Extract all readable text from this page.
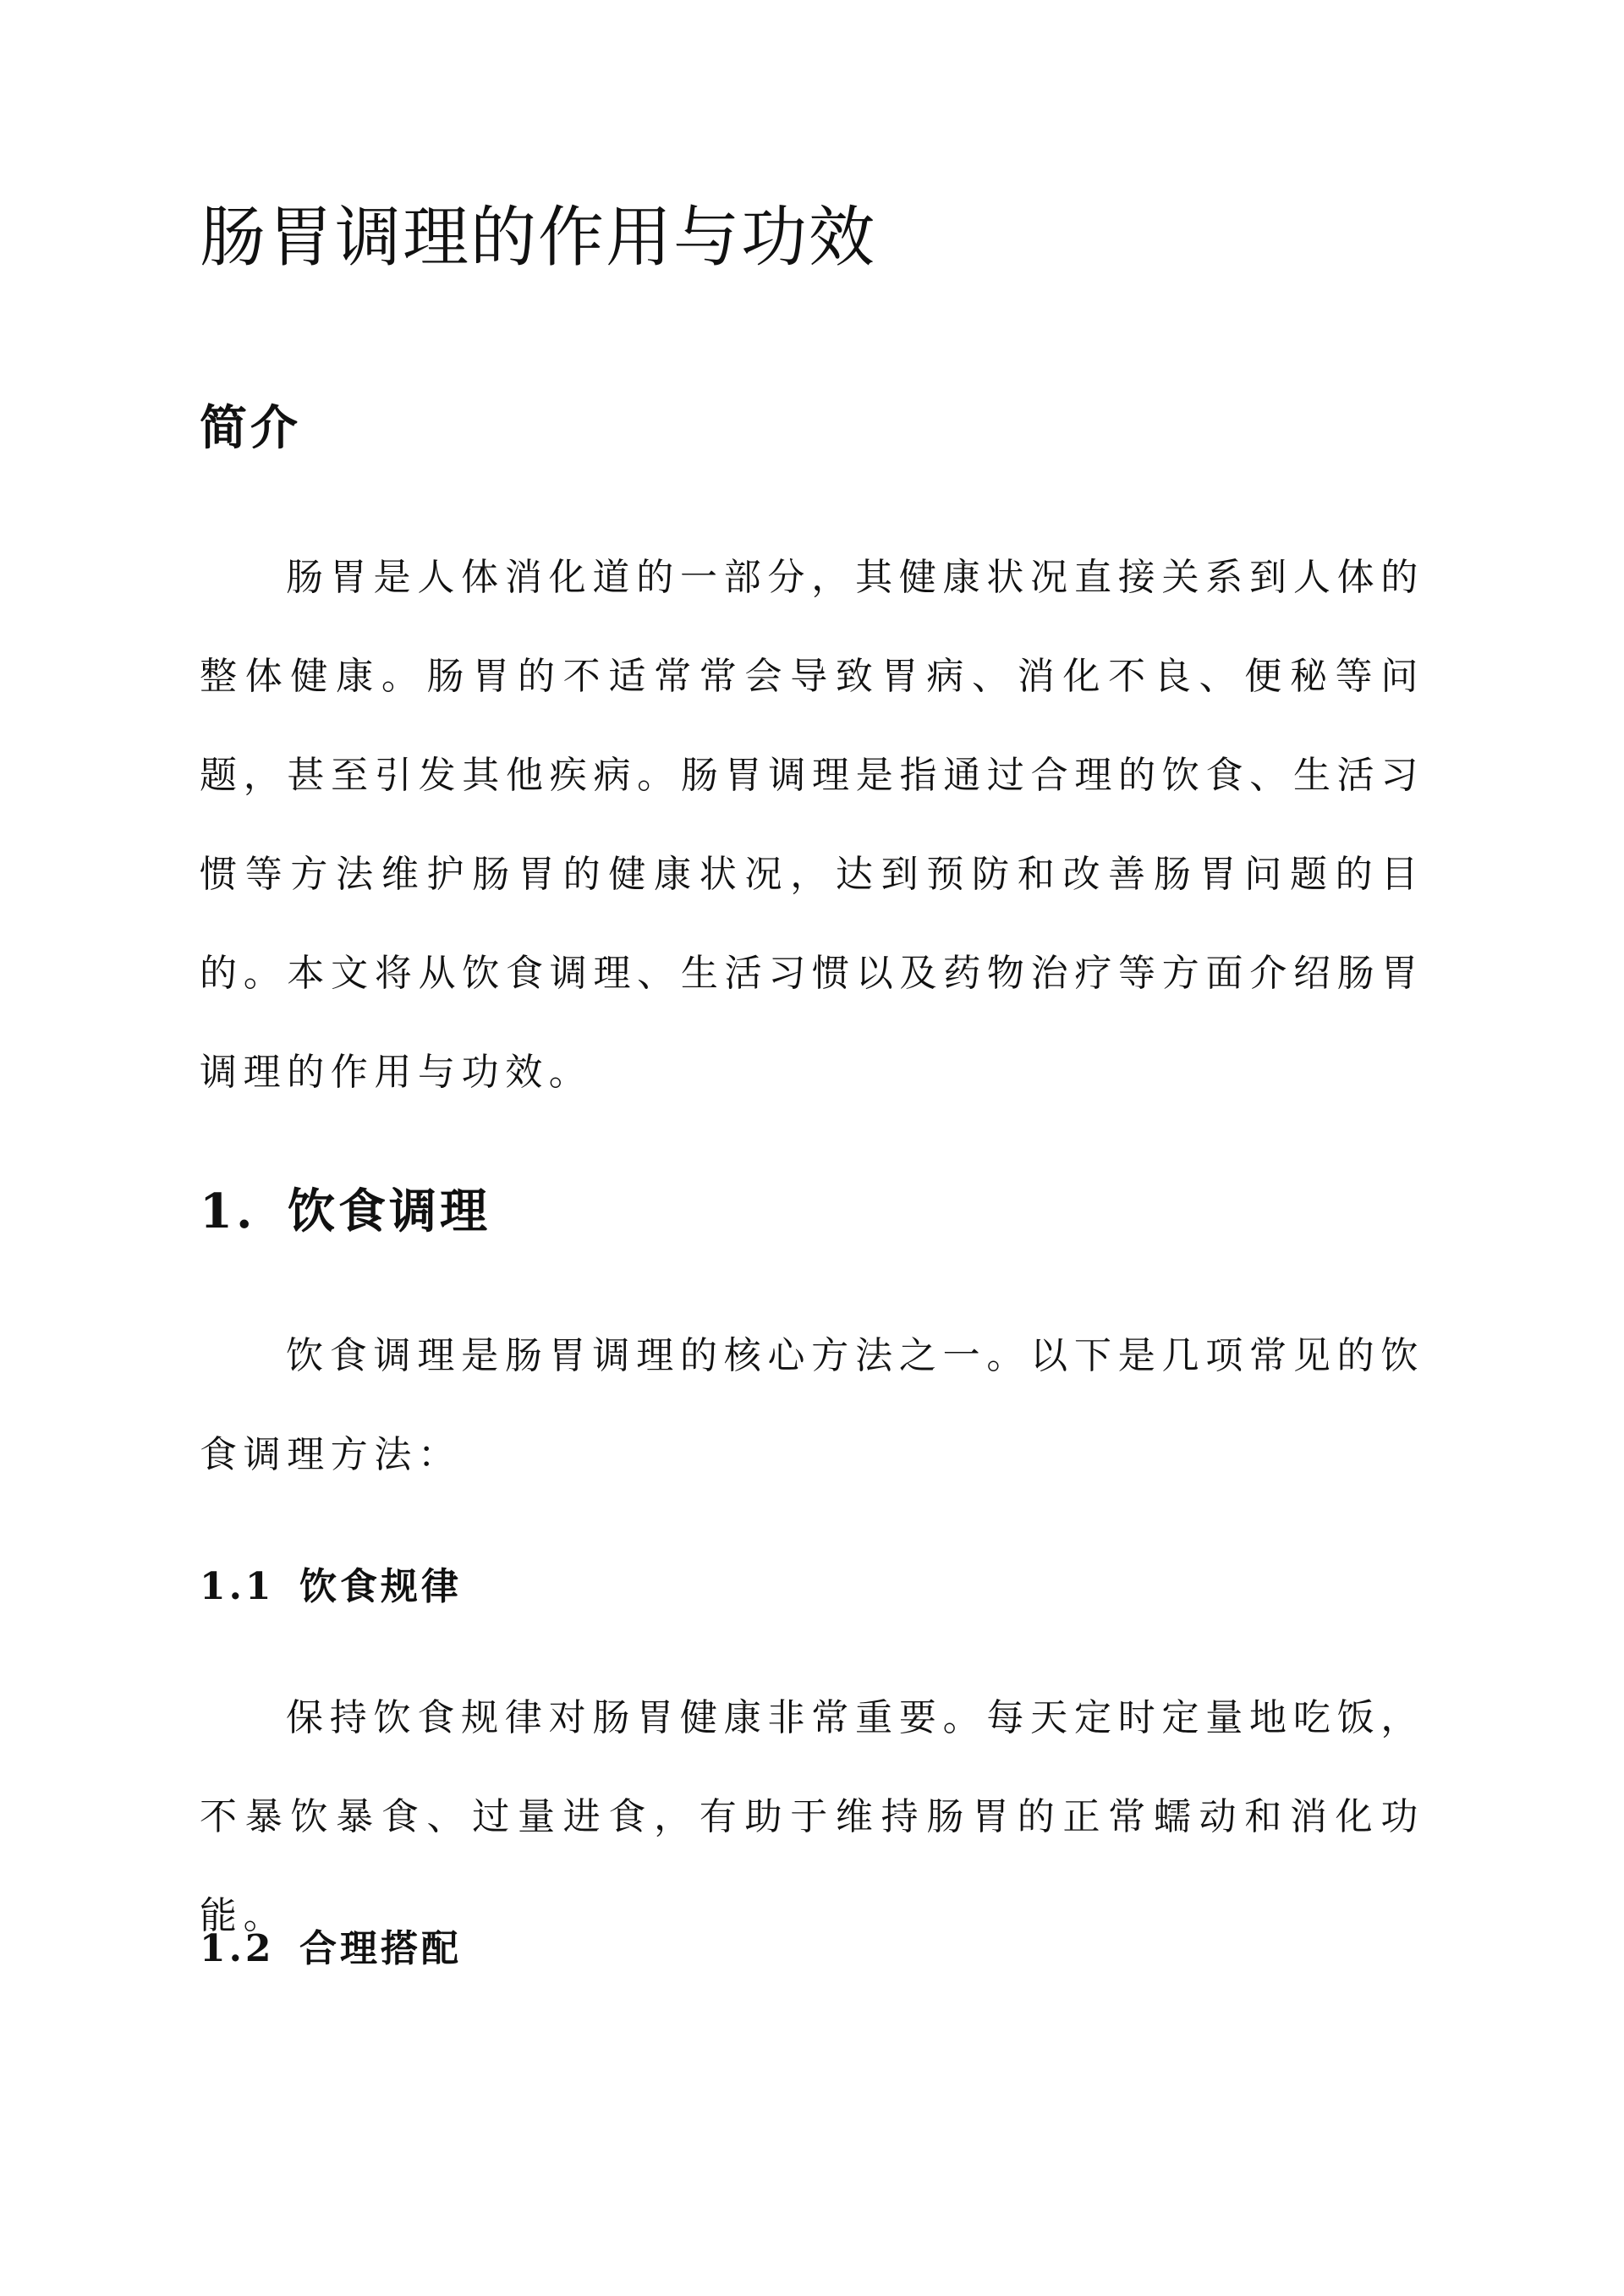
肠胃调理的作用与功效
简介

肠胃是人体消化道的一部分，其健康状况直接关系到人体的整体健康。肠胃的不适常常会导致胃病、消化不良、便秘等问题，甚至引发其他疾病。肠胃调理是指通过合理的饮食、生活习惯等方法维护肠胃的健康状况，达到预防和改善肠胃问题的目的。本文将从饮食调理、生活习惯以及药物治疗等方面介绍肠胃调理的作用与功效。

1. 饮食调理

饮食调理是肠胃调理的核心方法之一。以下是几项常见的饮食调理方法：

1.1 饮食规律

保持饮食规律对肠胃健康非常重要。每天定时定量地吃饭，不暴饮暴食、过量进食，有助于维持肠胃的正常蠕动和消化功能。

1.2 合理搭配
